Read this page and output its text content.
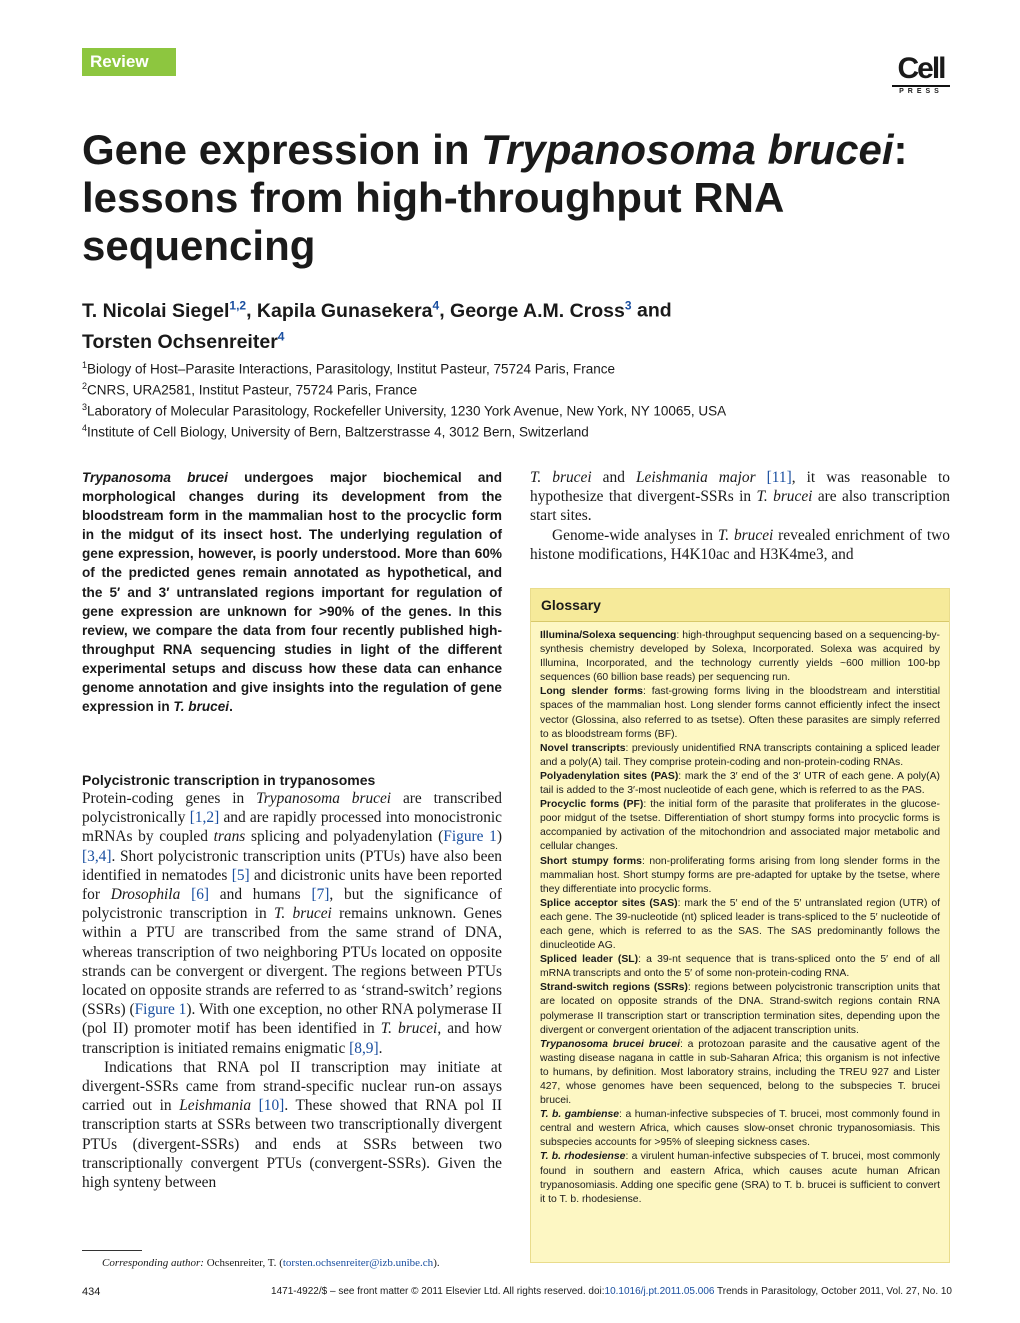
Review	Cell
PRESS
Gene expression in Trypanosoma brucei: lessons from high-throughput RNA sequencing
T. Nicolai Siegel$^{1,2}$, Kapila Gunasekera$^4$, George A.M. Cross$^3$ and
Torsten Ochsenreiter$^4$
$^1$Biology of Host–Parasite Interactions, Parasitology, Institut Pasteur, 75724 Paris, France
$^2$CNRS, URA2581, Institut Pasteur, 75724 Paris, France
$^3$Laboratory of Molecular Parasitology, Rockefeller University, 1230 York Avenue, New York, NY 10065, USA
$^4$Institute of Cell Biology, University of Bern, Baltzerstrasse 4, 3012 Bern, Switzerland

Trypanosoma brucei undergoes major biochemical and morphological changes during its development from the bloodstream form in the mammalian host to the procyclic form in the midgut of its insect host. The underlying regulation of gene expression, however, is poorly understood. More than 60% of the predicted genes remain annotated as hypothetical, and the 5′ and 3′ untranslated regions important for regulation of gene expression are unknown for >90% of the genes. In this review, we compare the data from four recently published high-throughput RNA sequencing studies in light of the different experimental setups and discuss how these data can enhance genome annotation and give insights into the regulation of gene expression in T. brucei.

Polycistronic transcription in trypanosomes

Protein-coding genes in Trypanosoma brucei are transcribed polycistronically [1,2] and are rapidly processed into monocistronic mRNAs by coupled trans splicing and polyadenylation (Figure 1) [3,4]. Short polycistronic transcription units (PTUs) have also been identified in nematodes [5] and dicistronic units have been reported for Drosophila [6] and humans [7], but the significance of polycistronic transcription in T. brucei remains unknown. Genes within a PTU are transcribed from the same strand of DNA, whereas transcription of two neighboring PTUs located on opposite strands can be convergent or divergent. The regions between PTUs located on opposite strands are referred to as ‘strand-switch’ regions (SSRs) (Figure 1). With one exception, no other RNA polymerase II (pol II) promoter motif has been identified in T. brucei, and how transcription is initiated remains enigmatic [8,9].

Indications that RNA pol II transcription may initiate at divergent-SSRs came from strand-specific nuclear run-on assays carried out in Leishmania [10]. These showed that RNA pol II transcription starts at SSRs between two transcriptionally divergent PTUs (divergent-SSRs) and ends at SSRs between two transcriptionally convergent PTUs (convergent-SSRs). Given the high synteny between

T. brucei and Leishmania major [11], it was reasonable to hypothesize that divergent-SSRs in T. brucei are also transcription start sites.

Genome-wide analyses in T. brucei revealed enrichment of two histone modifications, H4K10ac and H3K4me3, and

Glossary

Illumina/Solexa sequencing: high-throughput sequencing based on a sequencing-by-synthesis chemistry developed by Solexa, Incorporated. Solexa was acquired by Illumina, Incorporated, and the technology currently yields ~600 million 100-bp sequences (60 billion base reads) per sequencing run.

Long slender forms: fast-growing forms living in the bloodstream and interstitial spaces of the mammalian host. Long slender forms cannot efficiently infect the insect vector (Glossina, also referred to as tsetse). Often these parasites are simply referred to as bloodstream forms (BF).

Novel transcripts: previously unidentified RNA transcripts containing a spliced leader and a poly(A) tail. They comprise protein-coding and non-protein-coding RNAs.

Polyadenylation sites (PAS): mark the 3′ end of the 3′ UTR of each gene. A poly(A) tail is added to the 3′-most nucleotide of each gene, which is referred to as the PAS.

Procyclic forms (PF): the initial form of the parasite that proliferates in the glucose-poor midgut of the tsetse. Differentiation of short stumpy forms into procyclic forms is accompanied by activation of the mitochondrion and associated major metabolic and cellular changes.

Short stumpy forms: non-proliferating forms arising from long slender forms in the mammalian host. Short stumpy forms are pre-adapted for uptake by the tsetse, where they differentiate into procyclic forms.

Splice acceptor sites (SAS): mark the 5′ end of the 5′ untranslated region (UTR) of each gene. The 39-nucleotide (nt) spliced leader is trans-spliced to the 5′ nucleotide of each gene, which is referred to as the SAS. The SAS predominantly follows the dinucleotide AG.

Spliced leader (SL): a 39-nt sequence that is trans-spliced onto the 5′ end of all mRNA transcripts and onto the 5′ of some non-protein-coding RNA.

Strand-switch regions (SSRs): regions between polycistronic transcription units that are located on opposite strands of the DNA. Strand-switch regions contain RNA polymerase II transcription start or transcription termination sites, depending upon the divergent or convergent orientation of the adjacent transcription units.

Trypanosoma brucei brucei: a protozoan parasite and the causative agent of the wasting disease nagana in cattle in sub-Saharan Africa; this organism is not infective to humans, by definition. Most laboratory strains, including the TREU 927 and Lister 427, whose genomes have been sequenced, belong to the subspecies T. brucei brucei.

T. b. gambiense: a human-infective subspecies of T. brucei, most commonly found in central and western Africa, which causes slow-onset chronic trypanosomiasis. This subspecies accounts for >95% of sleeping sickness cases.

T. b. rhodesiense: a virulent human-infective subspecies of T. brucei, most commonly found in southern and eastern Africa, which causes acute human African trypanosomiasis. Adding one specific gene (SRA) to T. b. brucei is sufficient to convert it to T. b. rhodesiense.

Corresponding author: Ochsenreiter, T. (torsten.ochsenreiter@izb.unibe.ch).
434	1471-4922/$ – see front matter © 2011 Elsevier Ltd. All rights reserved. doi:10.1016/j.pt.2011.05.006 Trends in Parasitology, October 2011, Vol. 27, No. 10
